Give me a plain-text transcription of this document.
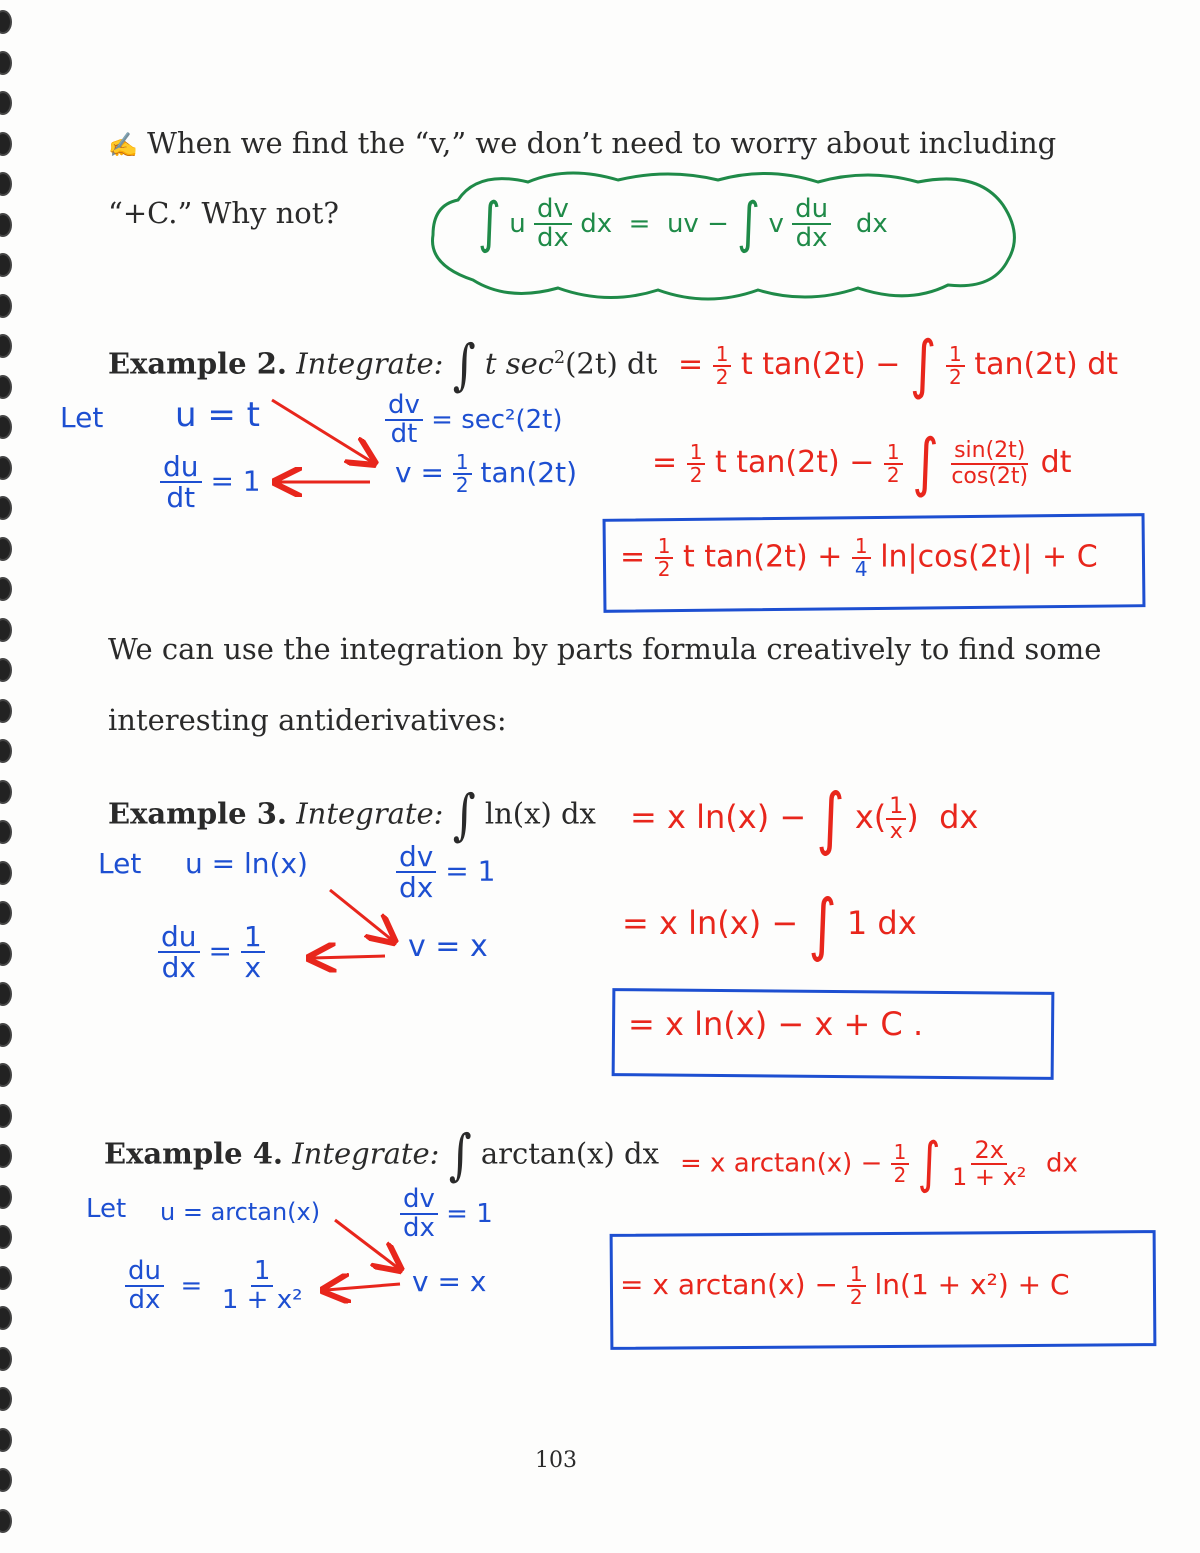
✍ When we find the “v,” we don’t need to worry about including
“+C.” Why not?	∫ u $\frac{dv}{dx}$ dx = uv − ∫ v $\frac{du}{dx}$ dx
Example 2. Integrate: ∫ t $\sec^2(2t)$ dt
Let u = t	$\frac{dv}{dt} = \sec^2(2t)$
$\frac{du}{dt} = 1$	$v = \frac{1}{2} \tan(2t)$
= $\frac{1}{2}$ t tan(2t) − ∫ $\frac{1}{2} \tan(2t)$ dt
= $\frac{1}{2}$ t $\tan(2t) - \frac{1}{2}$ ∫ $\frac{\sin(2t)}{\cos(2t)}$ dt
= $\frac{1}{2}$ t $\tan(2t) + \frac{1}{4} \ln|\cos(2t)| + C$
We can use the integration by parts formula creatively to find some
interesting antiderivatives:
Example 3. Integrate: ∫ ln(x) dx
Let u = ln(x)	$\frac{dv}{dx} = 1$
$\frac{du}{dx} = \frac{1}{x}$	v = x
= x ln(x) − ∫ $x( \frac{1}{x}$ )  dx
= x ln(x) − ∫ 1 dx
= x ln(x) − x + C .
Example 4. Integrate: ∫ arctan(x) dx
Let u = arctan(x)	$\frac{dv}{dx} = 1$
$\frac{du}{dx} = \frac{1}{\text{1 + x²}}$	v = x
= x $\arctan(x) - \frac{1}{2}$ ∫ $\frac{2x}{\text{1 + x²}}$ dx
= x $\arctan(x) - \frac{1}{2} \ln(1 + x^2) + C$
103
